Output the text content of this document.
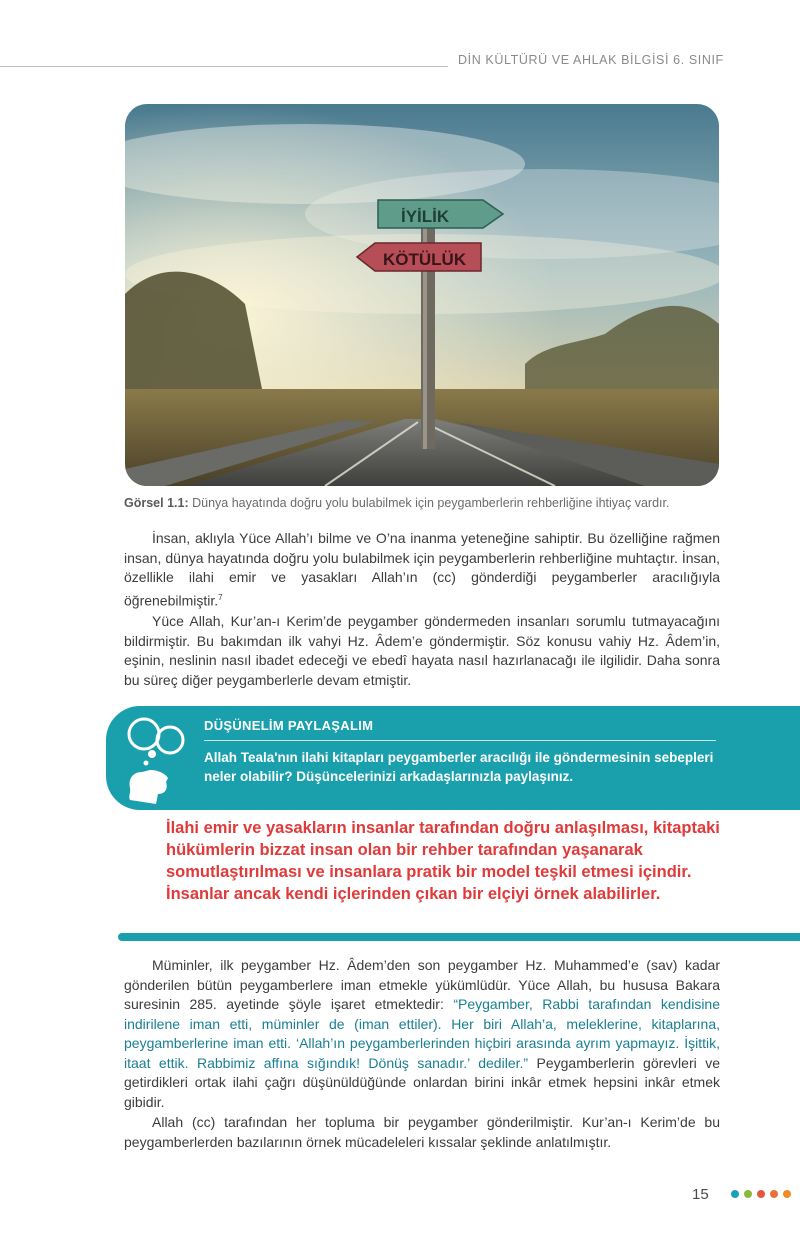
DİN KÜLTÜRÜ VE AHLAK BİLGİSİ 6. SINIF
İYİLİK
KÖTÜLÜK
Görsel 1.1: Dünya hayatında doğru yolu bulabilmek için peygamberlerin rehberliğine ihtiyaç vardır.
İnsan, aklıyla Yüce Allah’ı bilme ve O’na inanma yeteneğine sahiptir. Bu özelliğine rağmen insan, dünya hayatında doğru yolu bulabilmek için peygamberlerin rehberliğine muhtaçtır. İnsan, özellikle ilahi emir ve yasakları Allah’ın (cc) gönderdiği peygamberler aracılığıyla öğrenebilmiştir.$^7$
Yüce Allah, Kur’an-ı Kerim’de peygamber göndermeden insanları sorumlu tutmayacağını bildirmiştir. Bu bakımdan ilk vahyi Hz. Âdem’e göndermiştir. Söz konusu vahiy Hz. Âdem’in, eşinin, neslinin nasıl ibadet edeceği ve ebedî hayata nasıl hazırlanacağı ile ilgilidir. Daha sonra bu süreç diğer peygamberlerle devam etmiştir.
DÜŞÜNELİM PAYLAŞALIM
Allah Teala'nın ilahi kitapları peygamberler aracılığı ile göndermesinin sebepleri neler olabilir? Düşüncelerinizi arkadaşlarınızla paylaşınız.
İlahi emir ve yasakların insanlar tarafından doğru anlaşılması, kitaptaki
hükümlerin bizzat insan olan bir rehber tarafından yaşanarak
somutlaştırılması ve insanlara pratik bir model teşkil etmesi içindir.
İnsanlar ancak kendi içlerinden çıkan bir elçiyi örnek alabilirler.
Müminler, ilk peygamber Hz. Âdem’den son peygamber Hz. Muhammed’e (sav) kadar gönderilen bütün peygamberlere iman etmekle yükümlüdür. Yüce Allah, bu hususa Bakara suresinin 285. ayetinde şöyle işaret etmektedir: “Peygamber, Rabbi tarafından kendisine indirilene iman etti, müminler de (iman ettiler). Her biri Allah’a, meleklerine, kitaplarına, peygamberlerine iman etti. ‘Allah’ın peygamberlerinden hiçbiri arasında ayrım yapmayız. İşittik, itaat ettik. Rabbimiz affına sığındık! Dönüş sanadır.’ dediler.” Peygamberlerin görevleri ve getirdikleri ortak ilahi çağrı düşünüldüğünde onlardan birini inkâr etmek hepsini inkâr etmek gibidir.
Allah (cc) tarafından her topluma bir peygamber gönderilmiştir. Kur’an-ı Kerim’de bu peygamberlerden bazılarının örnek mücadeleleri kıssalar şeklinde anlatılmıştır.
15
